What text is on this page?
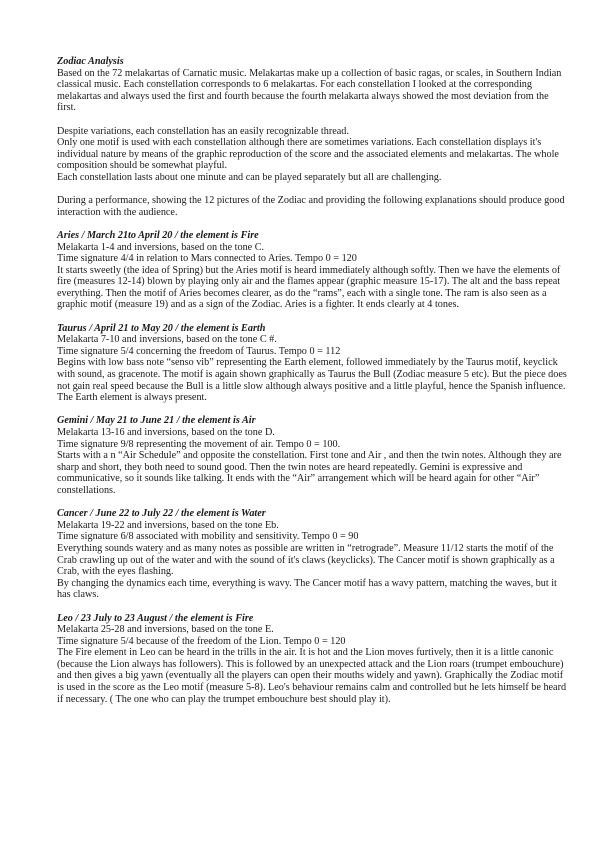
Zodiac Analysis

Based on the 72 melakartas of Carnatic music. Melakartas make up a collection of basic ragas, or scales, in Southern Indian classical music. Each constellation corresponds to 6 melakartas. For each constellation I looked at the corresponding melakartas and always used the first and fourth because the fourth melakarta always showed the most deviation from the first.

Despite variations, each constellation has an easily recognizable thread.

Only one motif is used with each constellation although there are sometimes variations. Each constellation displays it's individual nature by means of the graphic reproduction of the score and the associated elements and melakartas. The whole composition should be somewhat playful.

Each constellation lasts about one minute and can be played separately but all are challenging.

During a performance, showing the 12 pictures of the Zodiac and providing the following explanations should produce good interaction with the audience.

Aries / March 21to April 20 / the element is Fire

Melakarta 1-4 and inversions, based on the tone C.

Time signature 4/4 in relation to Mars connected to Aries. Tempo 0 = 120

It starts sweetly (the idea of Spring) but the Aries motif is heard immediately although softly. Then we have the elements of fire (measures 12-14) blown by playing only air and the flames appear (graphic measure 15-17). The alt and the bass repeat everything. Then the motif of Aries becomes clearer, as do the “rams”, each with a single tone. The ram is also seen as a graphic motif (measure 19) and as a sign of the Zodiac. Aries is a fighter. It ends clearly at 4 tones.

Taurus / April 21 to May 20 / the element is Earth

Melakarta 7-10 and inversions, based on the tone C #.

Time signature 5/4 concerning the freedom of Taurus. Tempo 0 = 112

Begins with low bass note “senso vib” representing the Earth element, followed immediately by the Taurus motif, keyclick with sound, as gracenote. The motif is again shown graphically as Taurus the Bull (Zodiac measure 5 etc). But the piece does not gain real speed because the Bull is a little slow although always positive and a little playful, hence the Spanish influence. The Earth element is always present.

Gemini / May 21 to June 21 / the element is Air

Melakarta 13-16 and inversions, based on the tone D.

Time signature 9/8 representing the movement of air. Tempo 0 = 100.

Starts with a n “Air Schedule” and opposite the constellation. First tone and Air , and then the twin notes. Although they are sharp and short, they both need to sound good. Then the twin notes are heard repeatedly. Gemini is expressive and communicative, so it sounds like talking. It ends with the “Air” arrangement which will be heard again for other “Air” constellations.

Cancer / June 22 to July 22 / the element is Water

Melakarta 19-22 and inversions, based on the tone Eb.

Time signature 6/8 associated with mobility and sensitivity. Tempo 0 = 90

Everything sounds watery and as many notes as possible are written in “retrograde”. Measure 11/12 starts the motif of the Crab crawling up out of the water and with the sound of it's claws (keyclicks). The Cancer motif is shown graphically as a Crab, with the eyes flashing.

By changing the dynamics each time, everything is wavy. The Cancer motif has a wavy pattern, matching the waves, but it has claws.

Leo / 23 July to 23 August / the element is Fire

Melakarta 25-28 and inversions, based on the tone E.

Time signature 5/4 because of the freedom of the Lion. Tempo 0 = 120

The Fire element in Leo can be heard in the trills in the air. It is hot and the Lion moves furtively, then it is a little canonic (because the Lion always has followers). This is followed by an unexpected attack and the Lion roars (trumpet embouchure) and then gives a big yawn (eventually all the players can open their mouths widely and yawn). Graphically the Zodiac motif is used in the score as the Leo motif (measure 5-8). Leo's behaviour remains calm and controlled but he lets himself be heard if necessary. ( The one who can play the trumpet embouchure best should play it).
